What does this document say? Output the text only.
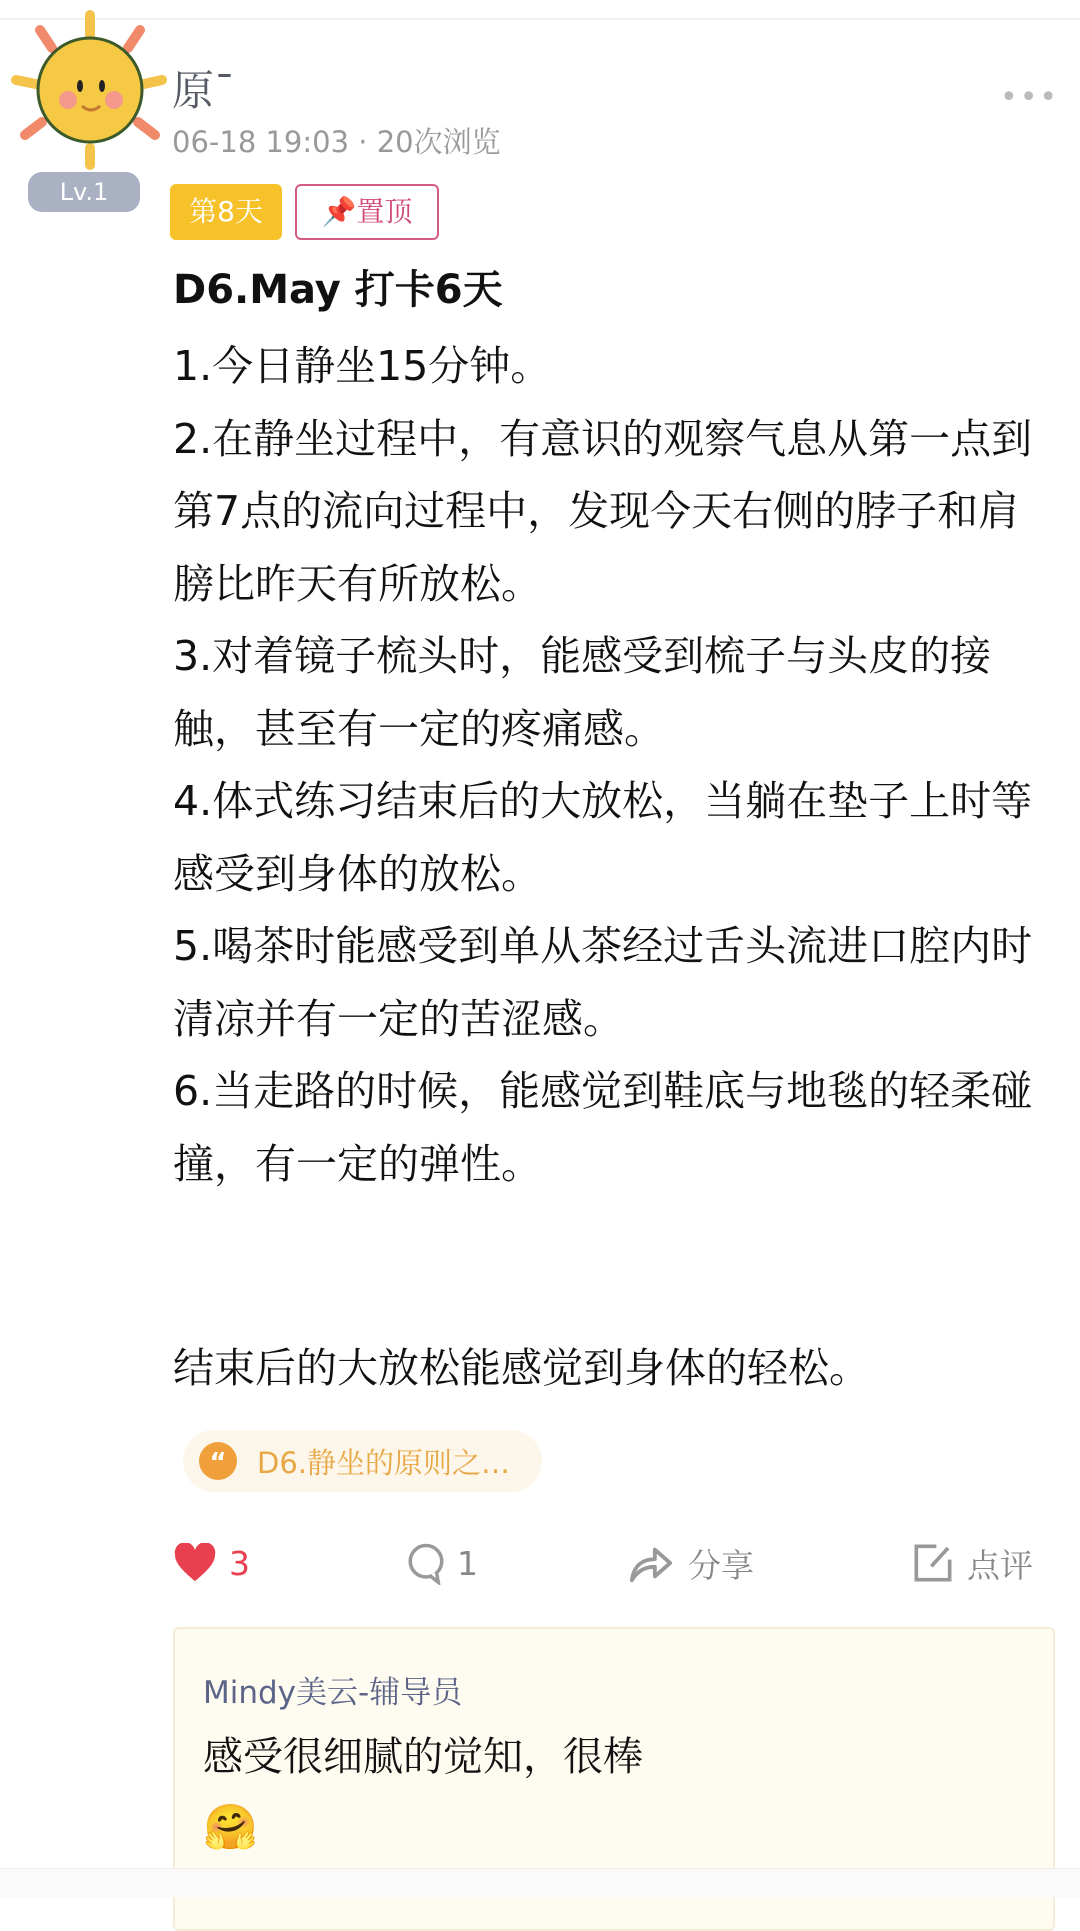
Lv.1
原¯
06-18 19:03 · 20次浏览
•••
第8天	📌置顶
D6.May 打卡6天

1.今日静坐15分钟。

2.在静坐过程中，有意识的观察气息从第一点到第7点的流向过程中，发现今天右侧的脖子和肩膀比昨天有所放松。

3.对着镜子梳头时，能感受到梳子与头皮的接触，甚至有一定的疼痛感。

4.体式练习结束后的大放松，当躺在垫子上时等感受到身体的放松。

5.喝茶时能感受到单从茶经过舌头流进口腔内时清凉并有一定的苦涩感。

6.当走路的时候，能感觉到鞋底与地毯的轻柔碰撞，有一定的弹性。

结束后的大放松能感觉到身体的轻松。
“	D6.静坐的原则之…
3	1	分享	点评
Mindy美云-辅导员
感受很细腻的觉知，很棒
🤗
